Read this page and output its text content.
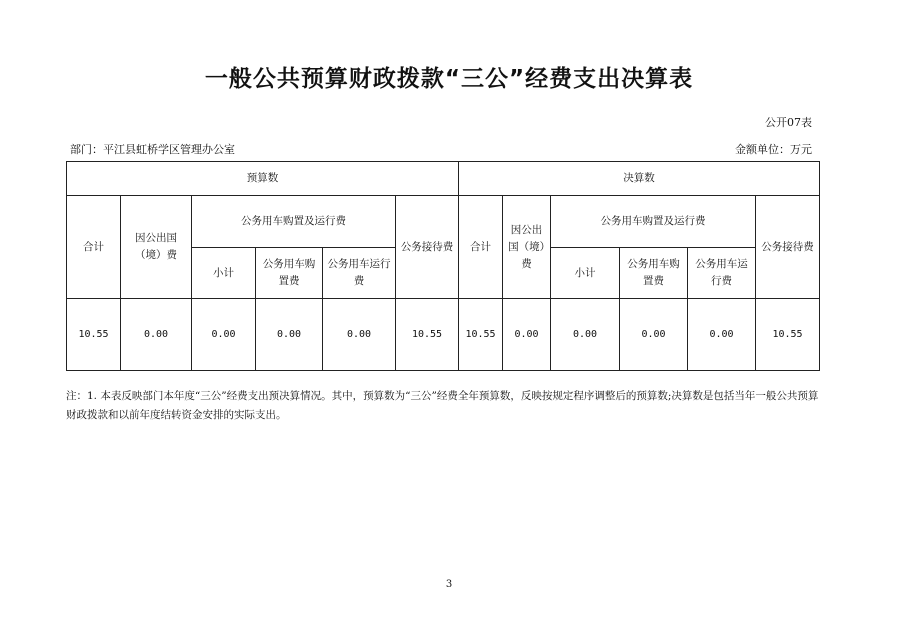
一般公共预算财政拨款“三公”经费支出决算表
公开07表
部门：平江县虹桥学区管理办公室	金额单位：万元
预算数						决算数					
合计	因公出国（境）费	公务用车购置及运行费			公务接待费	合计	因公出国（境）费	公务用车购置及运行费			公务接待费
		小计	公务用车购置费	公务用车运行费				小计	公务用车购置费	公务用车运行费	
10.55	0.00	0.00	0.00	0.00	10.55	10.55	0.00	0.00	0.00	0.00	10.55
注：1. 本表反映部门本年度“三公”经费支出预决算情况。其中，预算数为“三公”经费全年预算数，反映按规定程序调整后的预算数;决算数是包括当年一般公共预算财政拨款和以前年度结转资金安排的实际支出。
3
